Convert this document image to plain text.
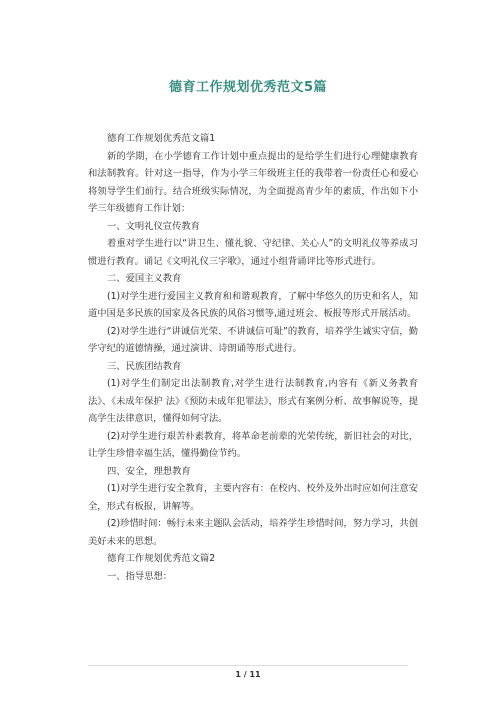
德育工作规划优秀范文5篇

德育工作规划优秀范文篇1

新的学期，在小学德育工作计划中重点提出的是给学生们进行心理健康教育和法制教育。针对这一指导，作为小学三年级班主任的我带着一份责任心和爱心将领导学生们前行。结合班级实际情况，为全面提高青少年的素质，作出如下小学三年级德育工作计划：

一、文明礼仪宣传教育

着重对学生进行以“讲卫生、懂礼貌、守纪律、关心人”的文明礼仪等养成习惯进行教育。诵记《文明礼仪三字歌》，通过小组背诵评比等形式进行。

二、爱国主义教育

(1)对学生进行爱国主义教育和和谐观教育，了解中华悠久的历史和名人，知道中国是多民族的国家及各民族的风俗习惯等,通过班会、板报等形式开展活动。

(2)对学生进行“讲诚信光荣、不讲诚信可耻”的教育，培养学生诚实守信，勤学守纪的道德情操，通过演讲、诗朗诵等形式进行。

三、民族团结教育

(1)对学生们制定出法制教育,对学生进行法制教育,内容有《新义务教育法》、《未成年保护 法》《预防未成年犯罪法》，形式有案例分析、故事解说等，提高学生法律意识，懂得如何守法。

(2)对学生进行艰苦朴素教育，将革命老前辈的光荣传统，新旧社会的对比，让学生珍惜幸福生活，懂得勤俭节约。

四、安全，理想教育

(1)对学生进行安全教育，主要内容有：在校内、校外及外出时应如何注意安全，形式有板报，讲解等。

(2)珍惜时间：畅行未来主题队会活动，培养学生珍惜时间，努力学习，共创美好未来的思想。

德育工作规划优秀范文篇2

一、指导思想：

1 / 11
